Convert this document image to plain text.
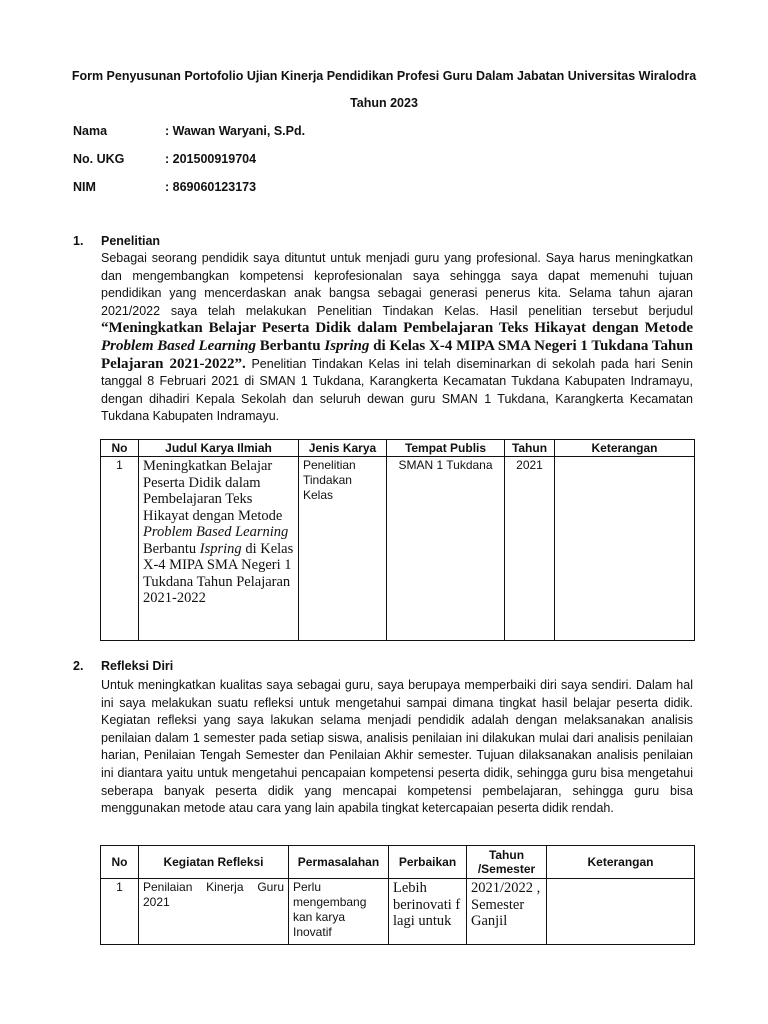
Form Penyusunan Portofolio Ujian Kinerja Pendidikan Profesi Guru Dalam Jabatan Universitas Wiralodra
Tahun 2023
Nama	: Wawan Waryani, S.Pd.
No. UKG	: 201500919704
NIM	: 869060123173
1. Penelitian

Sebagai seorang pendidik saya dituntut untuk menjadi guru yang profesional. Saya harus meningkatkan dan mengembangkan kompetensi keprofesionalan saya sehingga saya dapat memenuhi tujuan pendidikan yang mencerdaskan anak bangsa sebagai generasi penerus kita. Selama tahun ajaran 2021/2022 saya telah melakukan Penelitian Tindakan Kelas. Hasil penelitian tersebut berjudul “Meningkatkan Belajar Peserta Didik dalam Pembelajaran Teks Hikayat dengan Metode Problem Based Learning Berbantu Ispring di Kelas X-4 MIPA SMA Negeri 1 Tukdana Tahun Pelajaran 2021-2022”. Penelitian Tindakan Kelas ini telah diseminarkan di sekolah pada hari Senin tanggal 8 Februari 2021 di SMAN 1 Tukdana, Karangkerta Kecamatan Tukdana Kabupaten Indramayu, dengan dihadiri Kepala Sekolah dan seluruh dewan guru SMAN 1 Tukdana, Karangkerta Kecamatan Tukdana Kabupaten Indramayu.

No	Judul Karya Ilmiah	Jenis Karya	Tempat Publis	Tahun	Keterangan
1	Meningkatkan Belajar Peserta Didik dalam Pembelajaran Teks Hikayat dengan Metode Problem Based Learning Berbantu Ispring di Kelas X-4 MIPA SMA Negeri 1 Tukdana Tahun Pelajaran 2021-2022	Penelitian Tindakan Kelas	SMAN 1 Tukdana	2021	
2. Refleksi Diri

Untuk meningkatkan kualitas saya sebagai guru, saya berupaya memperbaiki diri saya sendiri. Dalam hal ini saya melakukan suatu refleksi untuk mengetahui sampai dimana tingkat hasil belajar peserta didik. Kegiatan refleksi yang saya lakukan selama menjadi pendidik adalah dengan melaksanakan analisis penilaian dalam 1 semester pada setiap siswa, analisis penilaian ini dilakukan mulai dari analisis penilaian harian, Penilaian Tengah Semester dan Penilaian Akhir semester. Tujuan dilaksanakan analisis penilaian ini diantara yaitu untuk mengetahui pencapaian kompetensi peserta didik, sehingga guru bisa mengetahui seberapa banyak peserta didik yang mencapai kompetensi pembelajaran, sehingga guru bisa menggunakan metode atau cara yang lain apabila tingkat ketercapaian peserta didik rendah.

No	Kegiatan Refleksi	Permasalahan	Perbaikan	Tahun /Semester	Keterangan
1	Penilaian Kinerja Guru 2021	Perlu mengembang kan karya Inovatif	Lebih berinovati f lagi untuk	2021/2022 , Semester Ganjil	
